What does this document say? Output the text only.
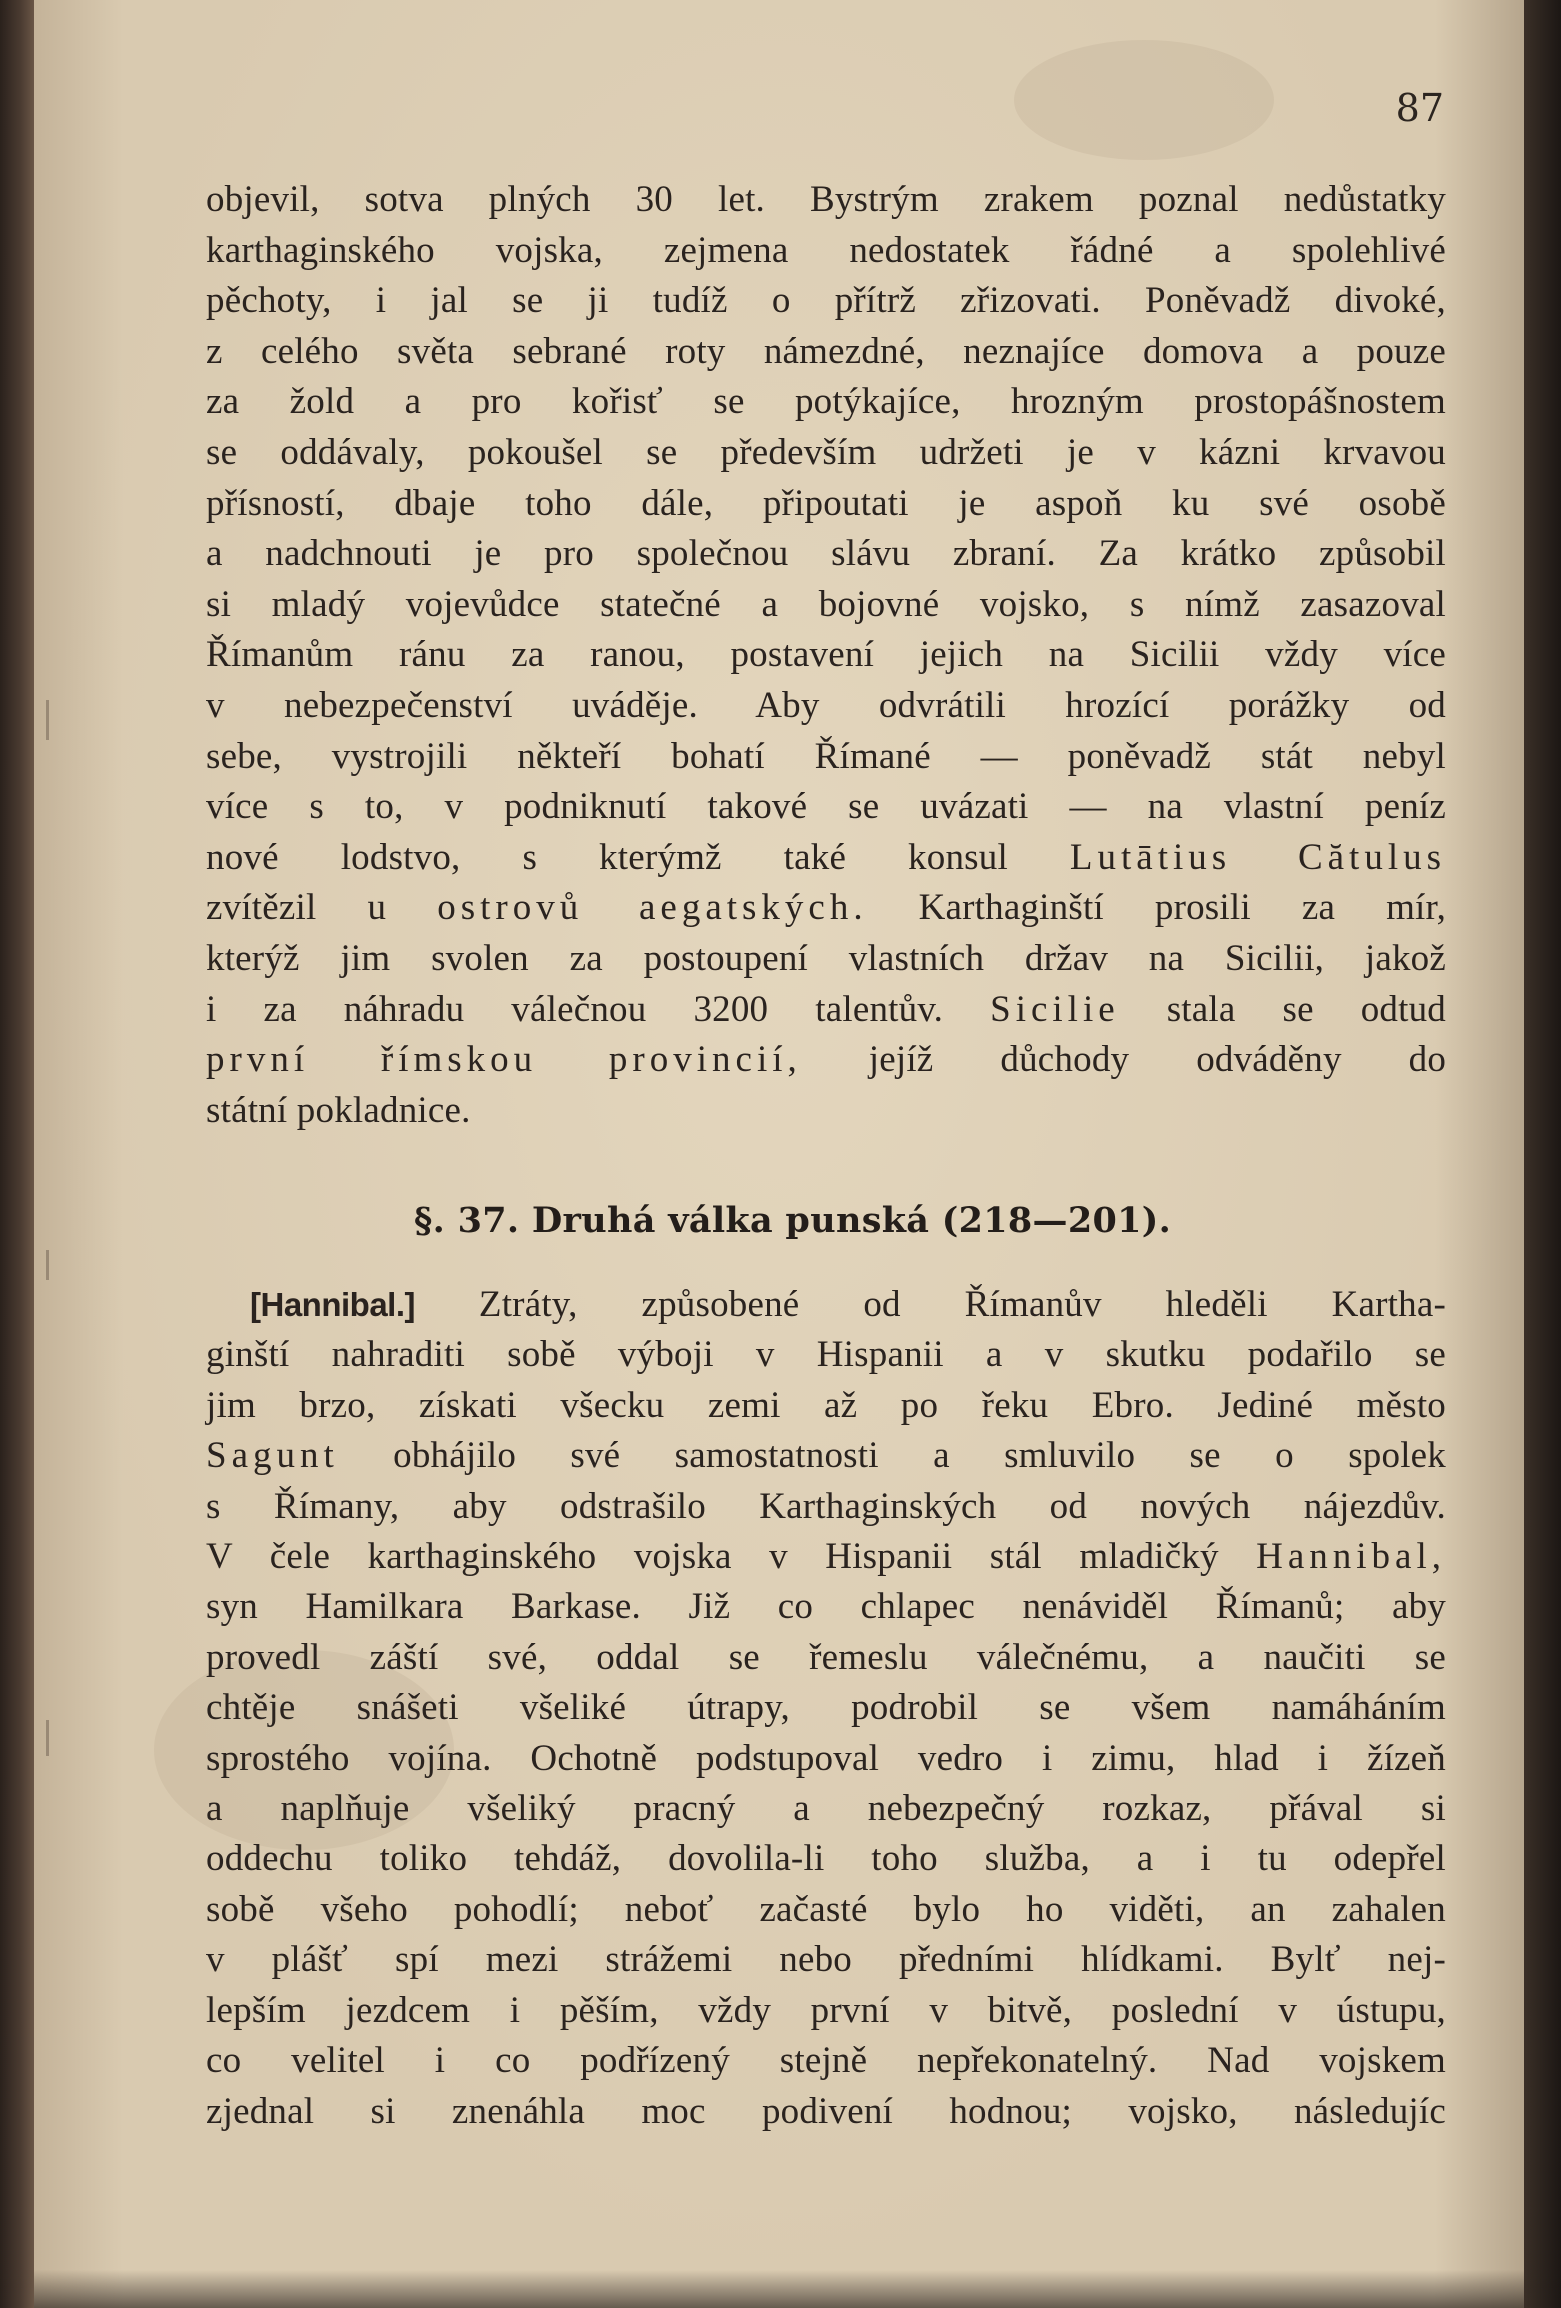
87

objevil, sotva plných 30 let. Bystrým zrakem poznal nedůstatky
karthaginského vojska, zejmena nedostatek řádné a spolehlivé
pěchoty, i jal se ji tudíž o přítrž zřizovati. Poněvadž divoké,
z celého světa sebrané roty námezdné, neznajíce domova a pouze
za žold a pro kořisť se potýkajíce, hrozným prostopášnostem
se oddávaly, pokoušel se především udržeti je v kázni krvavou
přísností, dbaje toho dále, připoutati je aspoň ku své osobě
a nadchnouti je pro společnou slávu zbraní. Za krátko způsobil
si mladý vojevůdce statečné a bojovné vojsko, s nímž zasazoval
Římanům ránu za ranou, postavení jejich na Sicilii vždy více
v nebezpečenství uváděje. Aby odvrátili hrozící porážky od
sebe, vystrojili někteří bohatí Římané — poněvadž stát nebyl
více s to, v podniknutí takové se uvázati — na vlastní peníz
nové lodstvo, s kterýmž také konsul Lutātius Cătulus
zvítězil u ostrovů aegatských. Karthaginští prosili za mír,
kterýž jim svolen za postoupení vlastních držav na Sicilii, jakož
i za náhradu válečnou 3200 talentův. Sicilie stala se odtud
první římskou provincií, jejíž důchody odváděny do
státní pokladnice.
§. 37. Druhá válka punská (218—201).
[Hannibal.] Ztráty, způsobené od Římanův hleděli Kartha-
ginští nahraditi sobě výboji v Hispanii a v skutku podařilo se
jim brzo, získati všecku zemi až po řeku Ebro. Jediné město
Sagunt obhájilo své samostatnosti a smluvilo se o spolek
s Římany, aby odstrašilo Karthaginských od nových nájezdův.
V čele karthaginského vojska v Hispanii stál mladičký Hannibal,
syn Hamilkara Barkase. Již co chlapec nenáviděl Římanů; aby
provedl záští své, oddal se řemeslu válečnému, a naučiti se
chtěje snášeti všeliké útrapy, podrobil se všem namáháním
sprostého vojína. Ochotně podstupoval vedro i zimu, hlad i žízeň
a naplňuje všeliký pracný a nebezpečný rozkaz, přával si
oddechu toliko tehdáž, dovolila-li toho služba, a i tu odepřel
sobě všeho pohodlí; neboť začasté bylo ho viděti, an zahalen
v plášť spí mezi strážemi nebo předními hlídkami. Bylť nej-
lepším jezdcem i pěším, vždy první v bitvě, poslední v ústupu,
co velitel i co podřízený stejně nepřekonatelný. Nad vojskem
zjednal si znenáhla moc podivení hodnou; vojsko, následujíc
